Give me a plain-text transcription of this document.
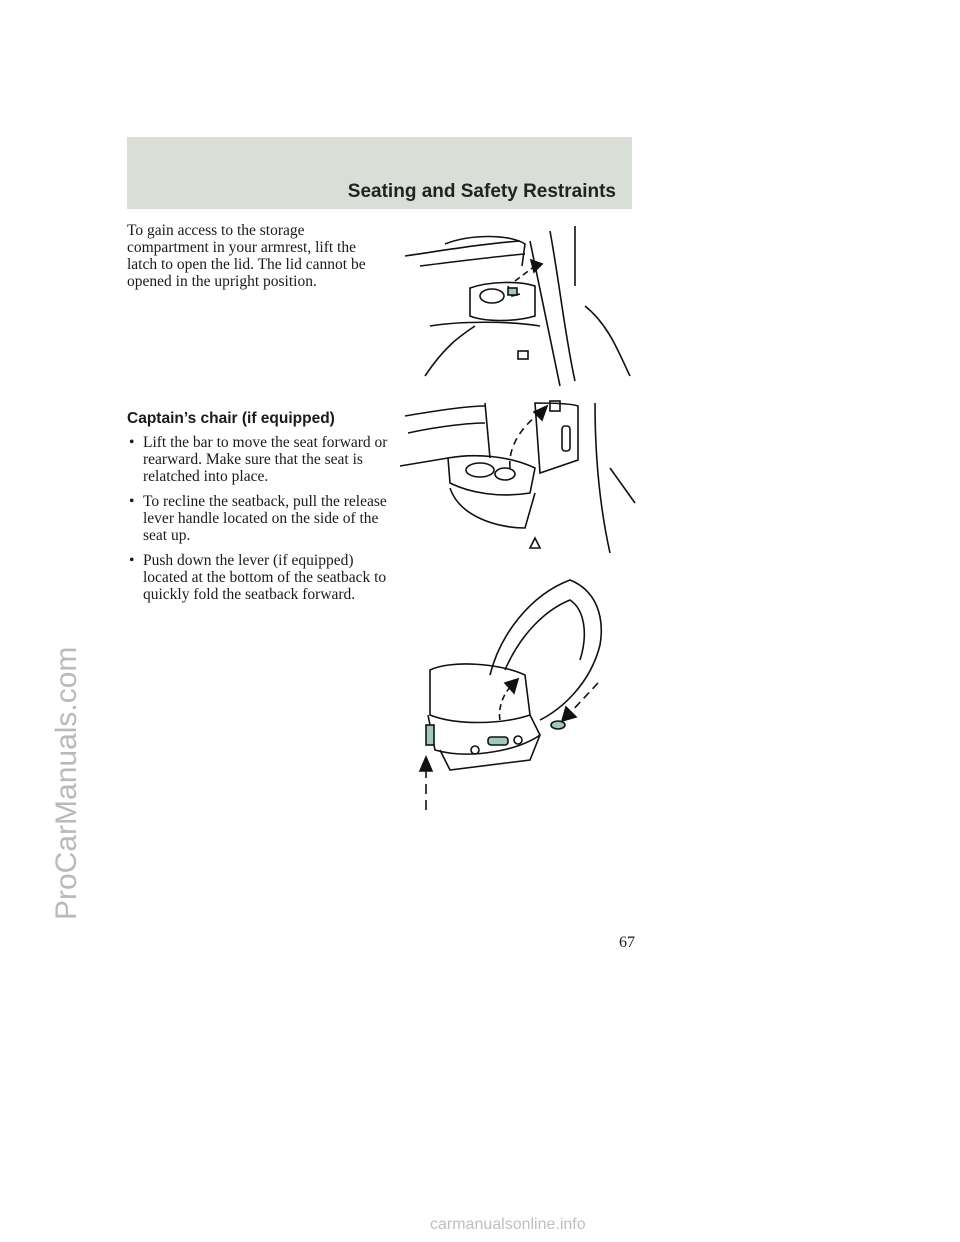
Seating and Safety Restraints
To gain access to the storage compartment in your armrest, lift the latch to open the lid. The lid cannot be opened in the upright position.
Captain’s chair (if equipped)
• Lift the bar to move the seat forward or rearward. Make sure that the seat is relatched into place.
• To recline the seatback, pull the release lever handle located on the side of the seat up.
• Push down the lever (if equipped) located at the bottom of the seatback to quickly fold the seatback forward.
67
ProCarManuals.com
carmanualsonline.info
